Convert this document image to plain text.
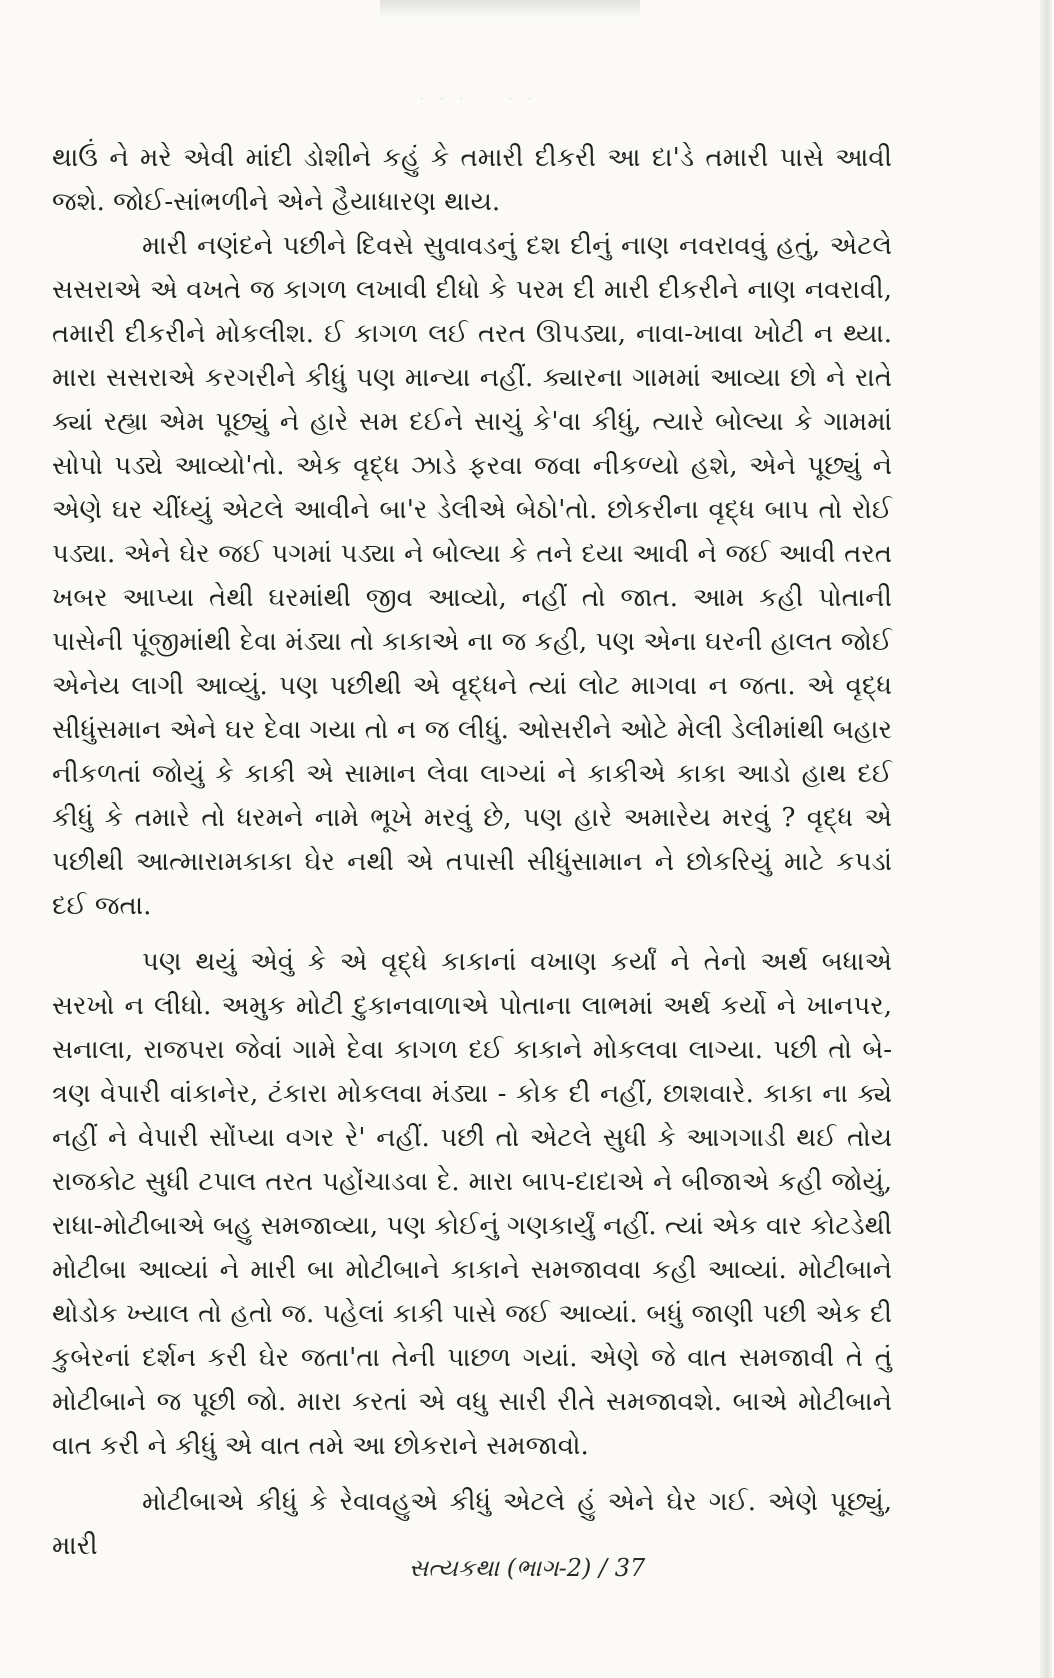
· · ·    · ·

થાઉં ને મરે એવી માંદી ડોશીને કહું કે તમારી દીકરી આ દા'ડે તમારી પાસે આવી જશે. જોઈ-સાંભળીને એને હૈયાધારણ થાય.

મારી નણંદને પછીને દિવસે સુવાવડનું દશ દીનું નાણ નવરાવવું હતું, એટલે સસરાએ એ વખતે જ કાગળ લખાવી દીધો કે પરમ દી મારી દીકરીને નાણ નવરાવી, તમારી દીકરીને મોકલીશ. ઈ કાગળ લઈ તરત ઊપડ્યા, નાવા-ખાવા ખોટી ન થ્યા. મારા સસરાએ કરગરીને કીધું પણ માન્યા નહીં. ક્યારના ગામમાં આવ્યા છો ને રાતે ક્યાં રહ્યા એમ પૂછ્યું ને હારે સમ દઈને સાચું કે'વા કીધું, ત્યારે બોલ્યા કે ગામમાં સોપો પડ્યે આવ્યો'તો. એક વૃદ્ધ ઝાડે ફરવા જવા નીકળ્યો હશે, એને પૂછ્યું ને એણે ઘર ચીંધ્યું એટલે આવીને બા'ર ડેલીએ બેઠો'તો. છોકરીના વૃદ્ધ બાપ તો રોઈ પડ્યા. એને ઘેર જઈ પગમાં પડ્યા ને બોલ્યા કે તને દયા આવી ને જઈ આવી તરત ખબર આપ્યા તેથી ઘરમાંથી જીવ આવ્યો, નહીં તો જાત. આમ કહી પોતાની પાસેની પૂંજીમાંથી દેવા મંડ્યા તો કાકાએ ના જ કહી, પણ એના ઘરની હાલત જોઈ એનેય લાગી આવ્યું. પણ પછીથી એ વૃદ્ધને ત્યાં લોટ માગવા ન જતા. એ વૃદ્ધ સીધુંસમાન એને ઘર દેવા ગયા તો ન જ લીધું. ઓસરીને ઓટે મેલી ડેલીમાંથી બહાર નીકળતાં જોયું કે કાકી એ સામાન લેવા લાગ્યાં ને કાકીએ કાકા આડો હાથ દઈ કીધું કે તમારે તો ધરમને નામે ભૂખે મરવું છે, પણ હારે અમારેય મરવું ? વૃદ્ધ એ પછીથી આત્મારામકાકા ઘેર નથી એ તપાસી સીધુંસામાન ને છોકરિયું માટે કપડાં દઈ જતા.

પણ થયું એવું કે એ વૃદ્ધે કાકાનાં વખાણ કર્યાં ને તેનો અર્થ બધાએ સરખો ન લીધો. અમુક મોટી દુકાનવાળાએ પોતાના લાભમાં અર્થ કર્યો ને ખાનપર, સનાલા, રાજપરા જેવાં ગામે દેવા કાગળ દઈ કાકાને મોકલવા લાગ્યા. પછી તો બે-ત્રણ વેપારી વાંકાનેર, ટંકારા મોકલવા મંડ્યા - કોક દી નહીં, છાશવારે. કાકા ના ક્યે નહીં ને વેપારી સોંપ્યા વગર રે' નહીં. પછી તો એટલે સુધી કે આગગાડી થઈ તોય રાજકોટ સુધી ટપાલ તરત પહોંચાડવા દે. મારા બાપ-દાદાએ ને બીજાએ કહી જોયું, રાધા-મોટીબાએ બહુ સમજાવ્યા, પણ કોઈનું ગણકાર્યું નહીં. ત્યાં એક વાર કોટડેથી મોટીબા આવ્યાં ને મારી બા મોટીબાને કાકાને સમજાવવા કહી આવ્યાં. મોટીબાને થોડોક ખ્યાલ તો હતો જ. પહેલાં કાકી પાસે જઈ આવ્યાં. બધું જાણી પછી એક દી કુબેરનાં દર્શન કરી ઘેર જતા'તા તેની પાછળ ગયાં. એણે જે વાત સમજાવી તે તું મોટીબાને જ પૂછી જો. મારા કરતાં એ વધુ સારી રીતે સમજાવશે. બાએ મોટીબાને વાત કરી ને કીધું એ વાત તમે આ છોકરાને સમજાવો.

મોટીબાએ કીધું કે રેવાવહુએ કીધું એટલે હું એને ઘેર ગઈ. એણે પૂછ્યું, મારી

સત્યકથા (ભાગ-2) / 37
